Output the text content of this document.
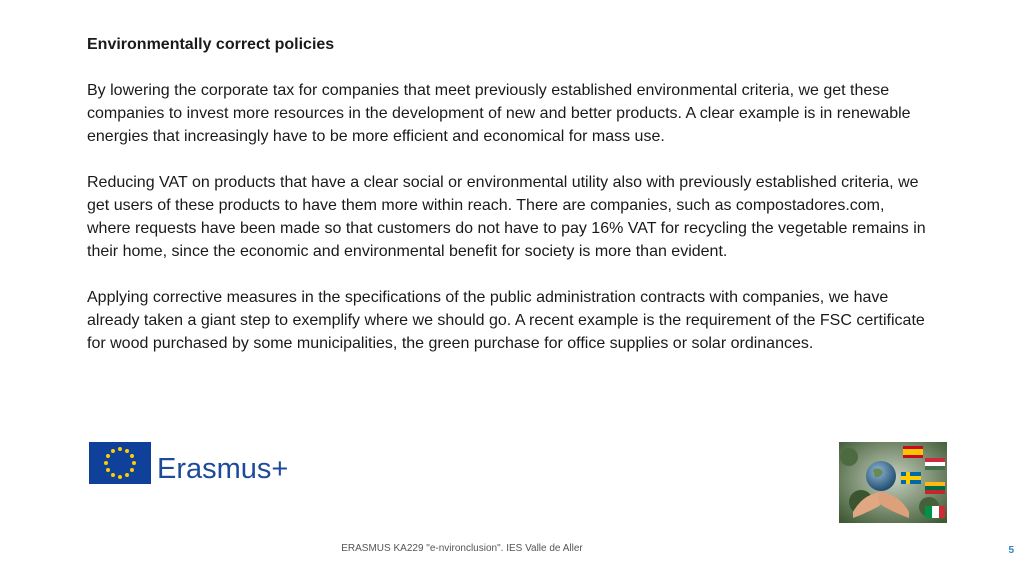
Environmentally correct policies

By lowering the corporate tax for companies that meet previously established environmental criteria, we get these companies to invest more resources in the development of new and better products. A clear example is in renewable energies that increasingly have to be more efficient and economical for mass use.

Reducing VAT on products that have a clear social or environmental utility also with previously established criteria, we get users of these products to have them more within reach. There are companies, such as compostadores.com, where requests have been made so that customers do not have to pay 16% VAT for recycling the vegetable remains in their home, since the economic and environmental benefit for society is more than evident.

Applying corrective measures in the specifications of the public administration contracts with companies, we have already taken a giant step to exemplify where we should go. A recent example is the requirement of the FSC certificate for wood purchased by some municipalities, the green purchase for office supplies or solar ordinances.

Erasmus+
ERASMUS KA229 "e-nvironclusion". IES Valle de Aller	5
